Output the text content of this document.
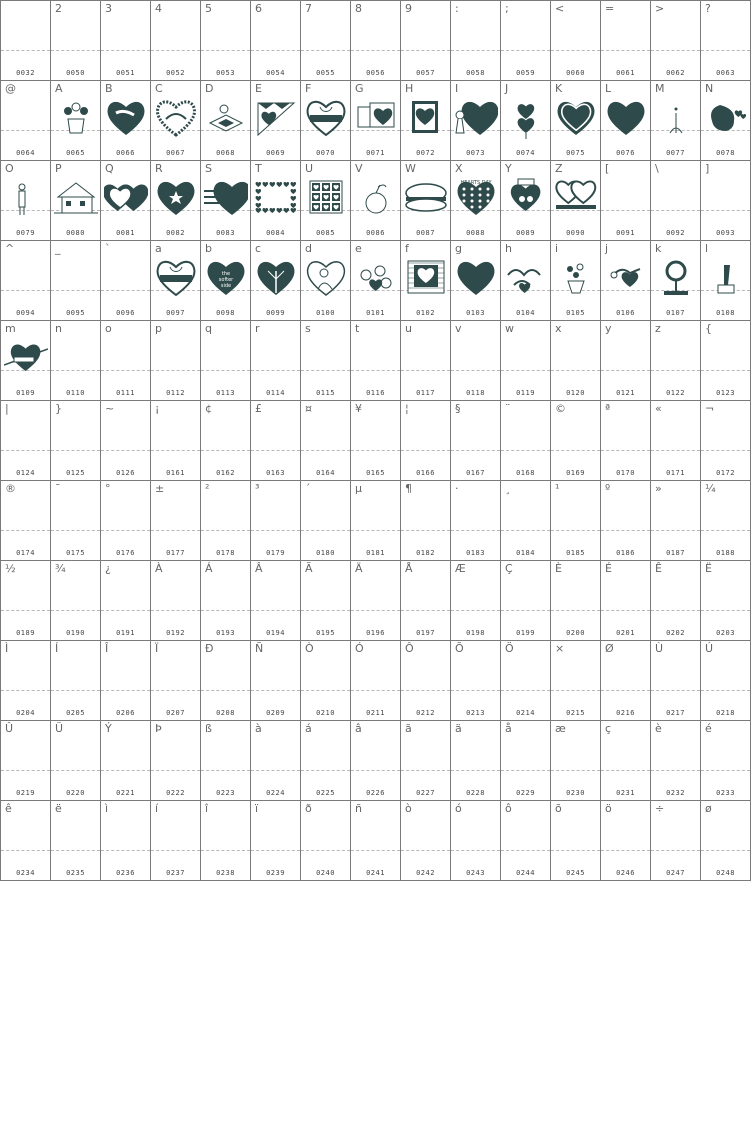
0032
2
0050
3
0051
4
0052
5
0053
6
0054
7
0055
8
0056
9
0057
:
0058
;
0059
<
0060
=
0061
>
0062
?
0063
@
0064
A
0065
B
0066
C
0067
D
0068
E
0069
F
0070
G
0071
H
0072
I
0073
J
0074
K
0075
L
0076
M
0077
N
0078
O
0079
P
0080
Q
0081
R
0082
S
0083
T
0084
U
0085
V
0086
W
0087
X
HEARTS DAY
0088
Y
0089
Z
0090
[
0091
\
0092
]
0093
^
0094
_
0095
`
0096
a
0097
b
the
softer
side
0098
c
0099
d
0100
e
0101
f
0102
g
0103
h
0104
i
0105
j
0106
k
0107
l
0108
m
0109
n
0110
o
0111
p
0112
q
0113
r
0114
s
0115
t
0116
u
0117
v
0118
w
0119
x
0120
y
0121
z
0122
{
0123
|
0124
}
0125
~
0126
¡
0161
¢
0162
£
0163
¤
0164
¥
0165
¦
0166
§
0167
¨
0168
©
0169
ª
0170
«
0171
¬
0172
®
0174
¯
0175
°
0176
±
0177
²
0178
³
0179
´
0180
µ
0181
¶
0182
·
0183
¸
0184
¹
0185
º
0186
»
0187
¼
0188
½
0189
¾
0190
¿
0191
À
0192
Á
0193
Â
0194
Ã
0195
Ä
0196
Å
0197
Æ
0198
Ç
0199
È
0200
É
0201
Ê
0202
Ë
0203
Ì
0204
Í
0205
Î
0206
Ï
0207
Ð
0208
Ñ
0209
Ò
0210
Ó
0211
Ô
0212
Õ
0213
Ö
0214
×
0215
Ø
0216
Ù
0217
Ú
0218
Û
0219
Ü
0220
Ý
0221
Þ
0222
ß
0223
à
0224
á
0225
â
0226
ã
0227
ä
0228
å
0229
æ
0230
ç
0231
è
0232
é
0233
ê
0234
ë
0235
ì
0236
í
0237
î
0238
ï
0239
ð
0240
ñ
0241
ò
0242
ó
0243
ô
0244
õ
0245
ö
0246
÷
0247
ø
0248
